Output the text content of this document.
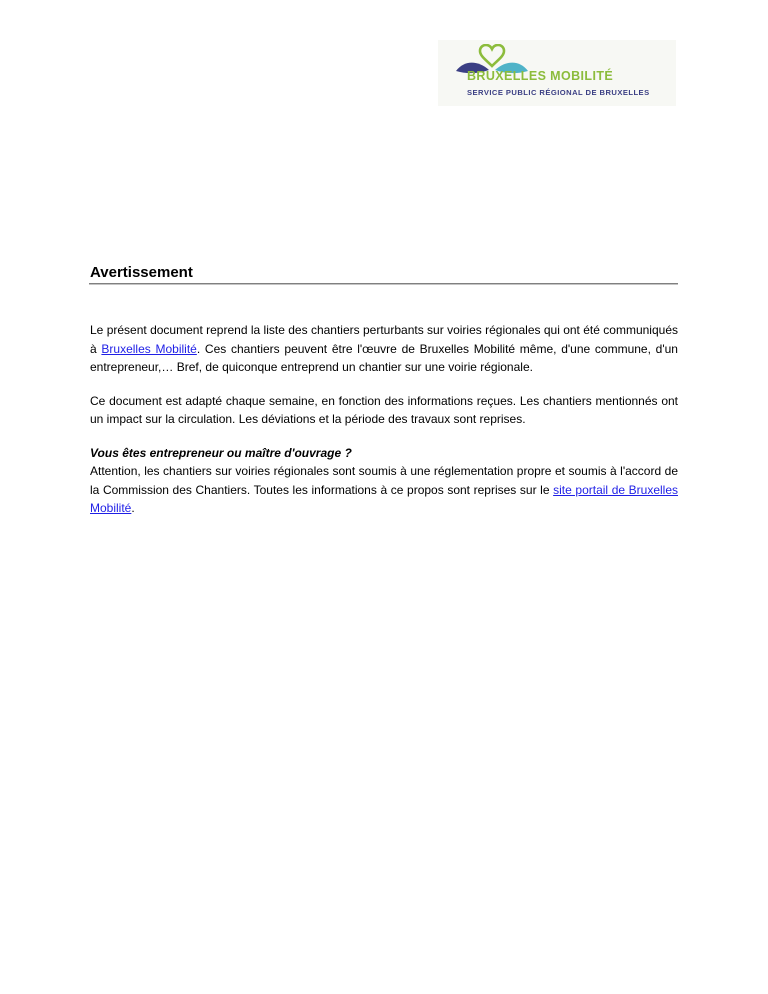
BRUXELLES MOBILITÉ
SERVICE PUBLIC RÉGIONAL DE BRUXELLES
Avertissement

Le présent document reprend la liste des chantiers perturbants sur voiries régionales qui ont été communiqués à Bruxelles Mobilité. Ces chantiers peuvent être l'œuvre de Bruxelles Mobilité même, d'une commune, d'un entrepreneur,… Bref, de quiconque entreprend un chantier sur une voirie régionale.

Ce document est adapté chaque semaine, en fonction des informations reçues. Les chantiers mentionnés ont un impact sur la circulation. Les déviations et la période des travaux sont reprises.

Vous êtes entrepreneur ou maître d'ouvrage ?

Attention, les chantiers sur voiries régionales sont soumis à une réglementation propre et soumis à l'accord de la Commission des Chantiers. Toutes les informations à ce propos sont reprises sur le site portail de Bruxelles Mobilité.
